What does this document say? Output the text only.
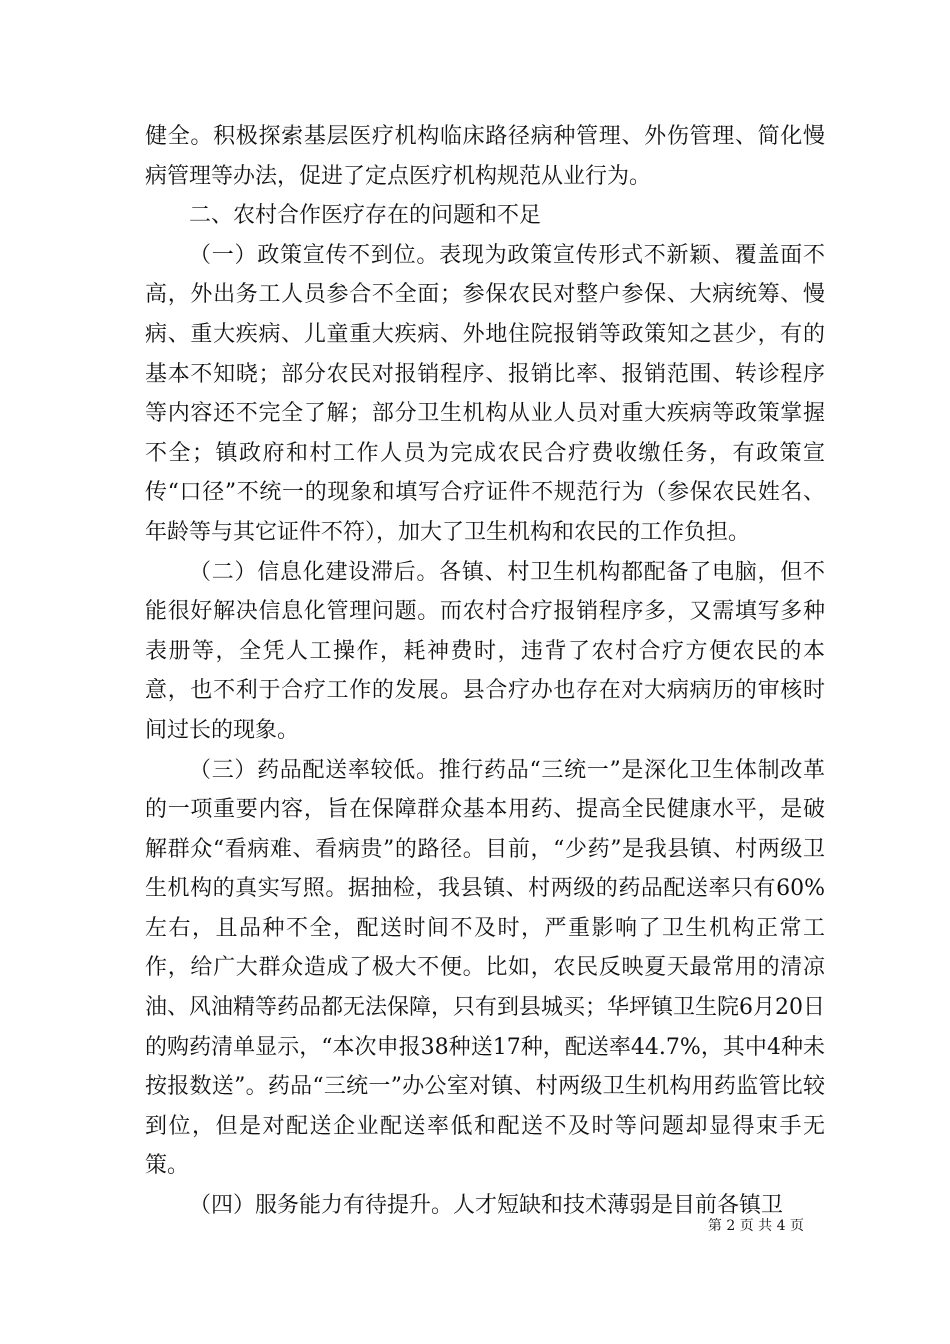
健全。积极探索基层医疗机构临床路径病种管理、外伤管理、简化慢病管理等办法，促进了定点医疗机构规范从业行为。

二、农村合作医疗存在的问题和不足

（一）政策宣传不到位。表现为政策宣传形式不新颖、覆盖面不高，外出务工人员参合不全面；参保农民对整户参保、大病统筹、慢病、重大疾病、儿童重大疾病、外地住院报销等政策知之甚少，有的基本不知晓；部分农民对报销程序、报销比率、报销范围、转诊程序等内容还不完全了解；部分卫生机构从业人员对重大疾病等政策掌握不全；镇政府和村工作人员为完成农民合疗费收缴任务，有政策宣传“口径”不统一的现象和填写合疗证件不规范行为（参保农民姓名、年龄等与其它证件不符），加大了卫生机构和农民的工作负担。

（二）信息化建设滞后。各镇、村卫生机构都配备了电脑，但不能很好解决信息化管理问题。而农村合疗报销程序多，又需填写多种表册等，全凭人工操作，耗神费时，违背了农村合疗方便农民的本意，也不利于合疗工作的发展。县合疗办也存在对大病病历的审核时间过长的现象。

（三）药品配送率较低。推行药品“三统一”是深化卫生体制改革的一项重要内容，旨在保障群众基本用药、提高全民健康水平，是破解群众“看病难、看病贵”的路径。目前，“少药”是我县镇、村两级卫生机构的真实写照。据抽检，我县镇、村两级的药品配送率只有60%左右，且品种不全，配送时间不及时，严重影响了卫生机构正常工作，给广大群众造成了极大不便。比如，农民反映夏天最常用的清凉油、风油精等药品都无法保障，只有到县城买；华坪镇卫生院6月20日的购药清单显示，“本次申报38种送17种，配送率44.7%，其中4种未按报数送”。药品“三统一”办公室对镇、村两级卫生机构用药监管比较到位，但是对配送企业配送率低和配送不及时等问题却显得束手无策。

（四）服务能力有待提升。人才短缺和技术薄弱是目前各镇卫

第 2 页 共 4 页
